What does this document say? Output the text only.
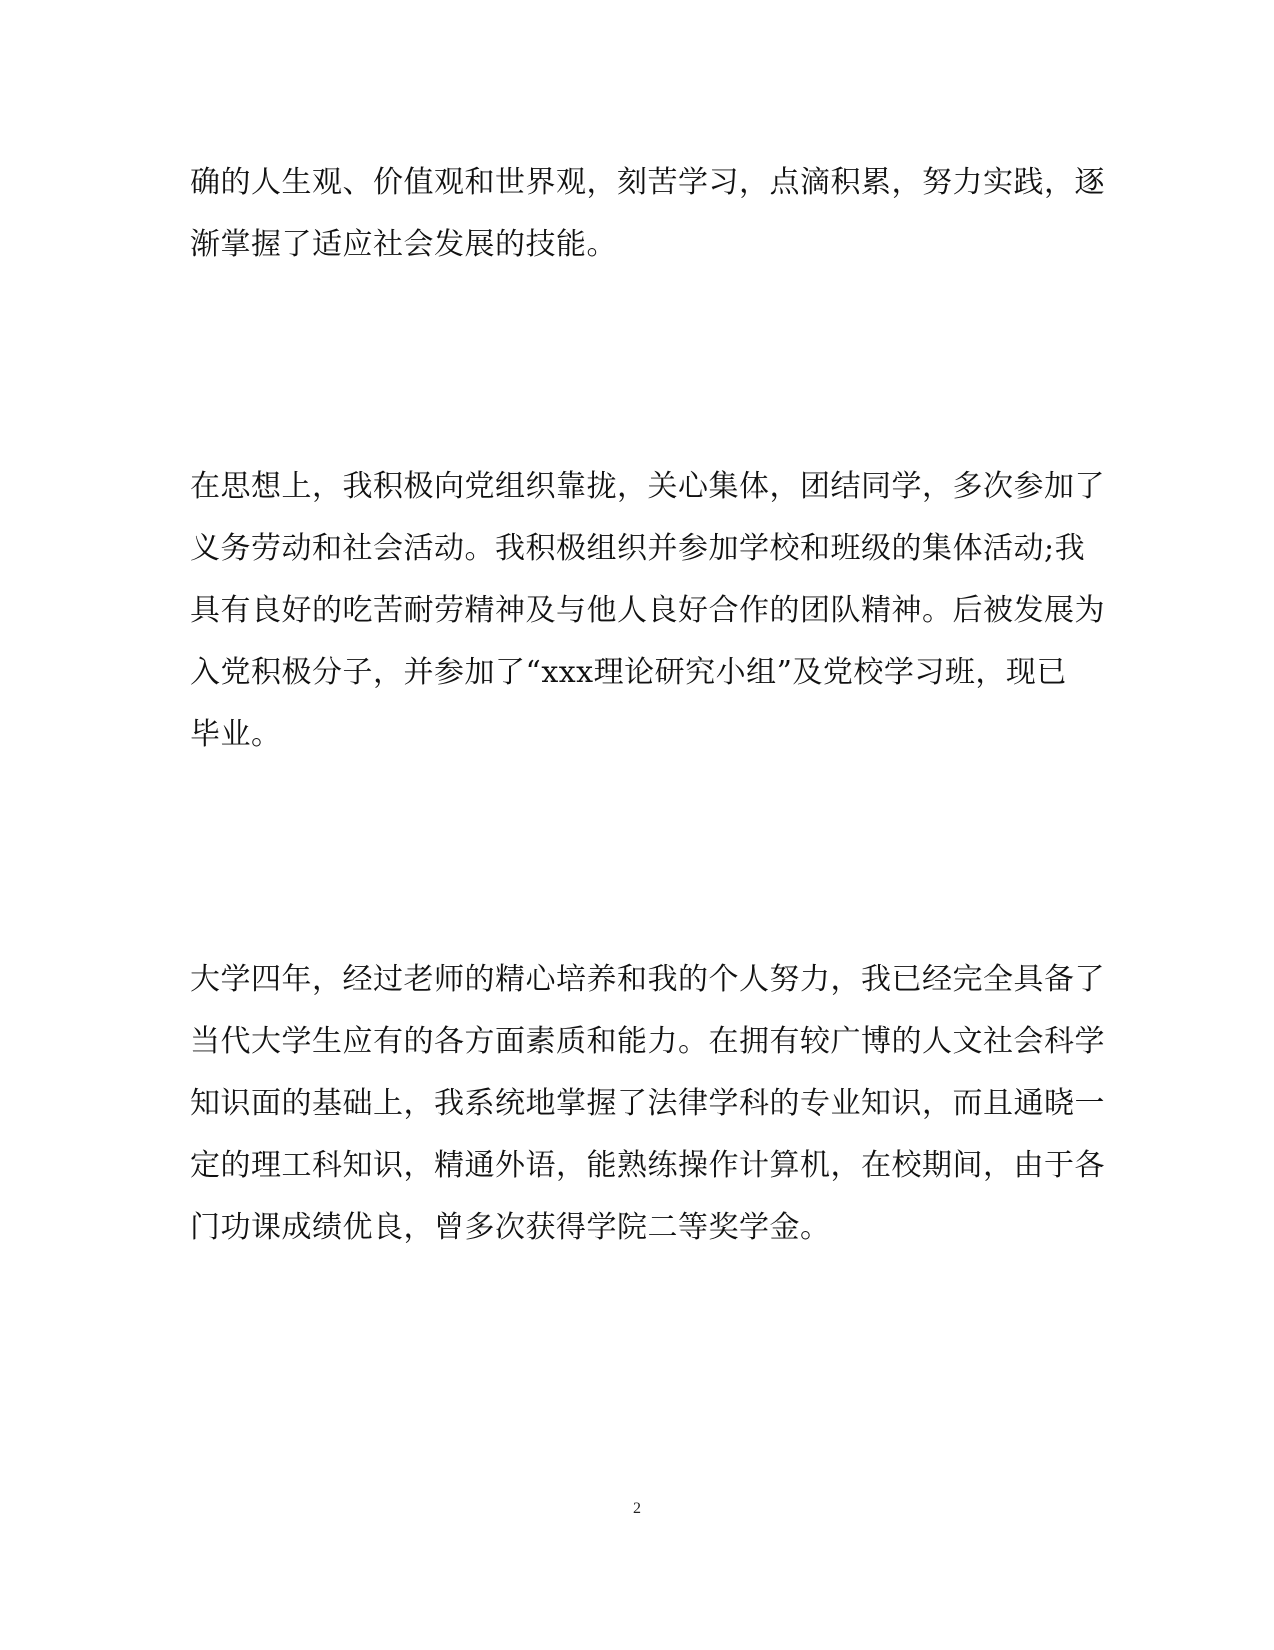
确的人生观、价值观和世界观，刻苦学习，点滴积累，努力实践，逐
渐掌握了适应社会发展的技能。
在思想上，我积极向党组织靠拢，关心集体，团结同学，多次参加了
义务劳动和社会活动。我积极组织并参加学校和班级的集体活动;我
具有良好的吃苦耐劳精神及与他人良好合作的团队精神。后被发展为
入党积极分子，并参加了“xxx理论研究小组”及党校学习班，现已
毕业。
大学四年，经过老师的精心培养和我的个人努力，我已经完全具备了
当代大学生应有的各方面素质和能力。在拥有较广博的人文社会科学
知识面的基础上，我系统地掌握了法律学科的专业知识，而且通晓一
定的理工科知识，精通外语，能熟练操作计算机，在校期间，由于各
门功课成绩优良，曾多次获得学院二等奖学金。
2
